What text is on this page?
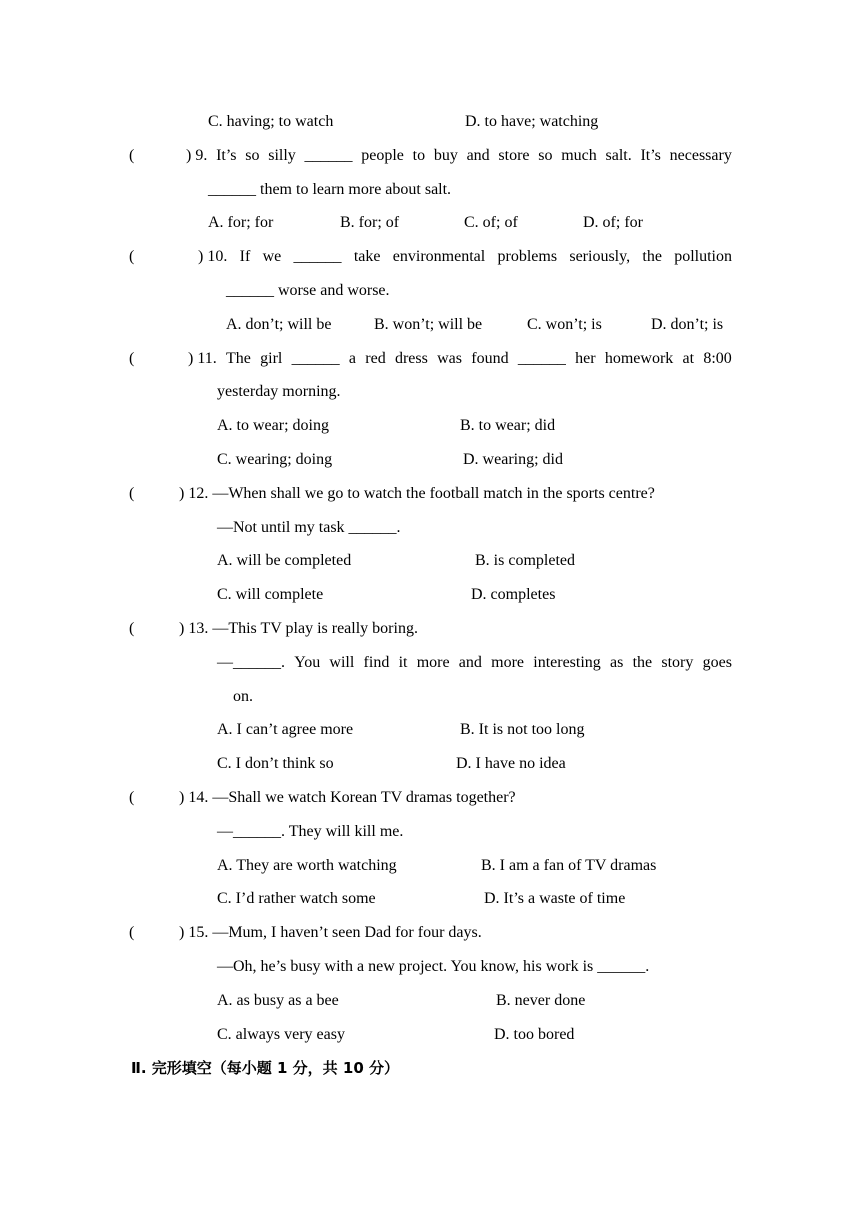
C. having; to watch	D. to have; watching
(	) 9. It’s so silly ______ people to buy and store so much salt. It’s necessary
______ them to learn more about salt.
A. for; for	B. for; of	C. of; of	D. of; for
(	) 10. If we ______ take environmental problems seriously, the pollution
______ worse and worse.
A. don’t; will be	B. won’t; will be	C. won’t; is	D. don’t; is
(	) 11. The girl ______ a red dress was found ______ her homework at 8:00
yesterday morning.
A. to wear; doing	B. to wear; did
C. wearing; doing	D. wearing; did
(	) 12. —When shall we go to watch the football match in the sports centre?
—Not until my task ______.
A. will be completed	B. is completed
C. will complete	D. completes
(	) 13. —This TV play is really boring.
—______. You will find it more and more interesting as the story goes
on.
A. I can’t agree more	B. It is not too long
C. I don’t think so	D. I have no idea
(	) 14. —Shall we watch Korean TV dramas together?
—______. They will kill me.
A. They are worth watching	B. I am a fan of TV dramas
C. I’d rather watch some	D. It’s a waste of time
(	) 15. —Mum, I haven’t seen Dad for four days.
—Oh, he’s busy with a new project. You know, his work is ______.
A. as busy as a bee	B. never done
C. always very easy	D. too bored
Ⅱ. 完形填空（每小题 1 分，共 10 分）
